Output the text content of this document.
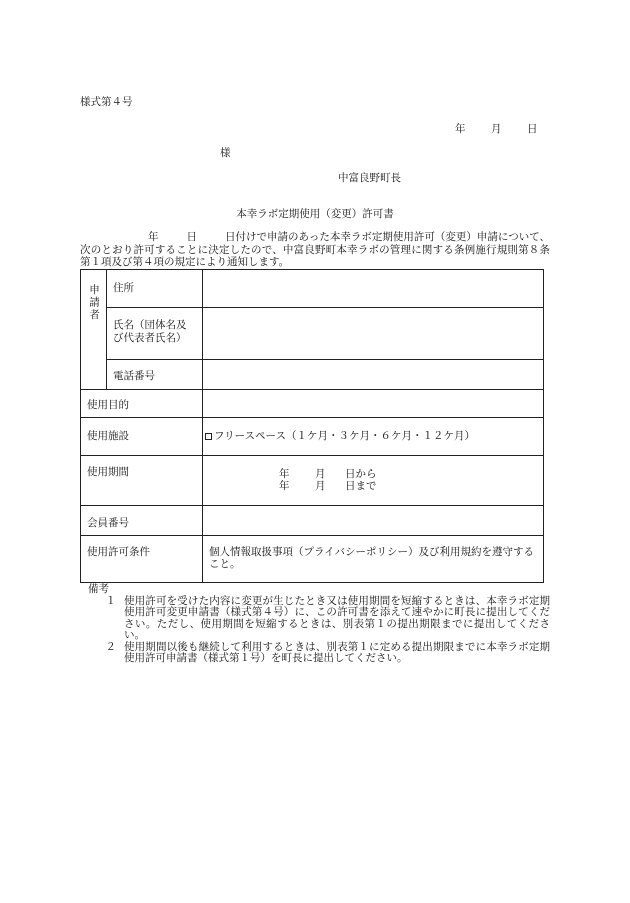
様式第４号
年 月 日
様
中富良野町長
本幸ラボ定期使用（変更）許可書
年	日	日付けで申請のあった本幸ラボ定期使用許可（変更）申請について、次のとおり許可することに決定したので、中富良野町本幸ラボの管理に関する条例施行規則第８条第１項及び第４項の規定により通知します。
申請者	住所	
	氏名（団体名及び代表者氏名）	
	電話番号	
使用目的		
使用施設		フリースペース（１ケ月・３ケ月・６ケ月・１２ケ月）
使用期間		年 月 日から
年 月 日まで

会員番号		
使用許可条件		個人情報取扱事項（プライバシーポリシー）及び利用規約を遵守すること。
備考
１ 使用許可を受けた内容に変更が生じたとき又は使用期間を短縮するときは、本幸ラボ定期使用許可変更申請書（様式第４号）に、この許可書を添えて速やかに町長に提出してください。ただし、使用期間を短縮するときは、別表第１の提出期限までに提出してください。
２ 使用期間以後も継続して利用するときは、別表第１に定める提出期限までに本幸ラボ定期使用許可申請書（様式第１号）を町長に提出してください。
